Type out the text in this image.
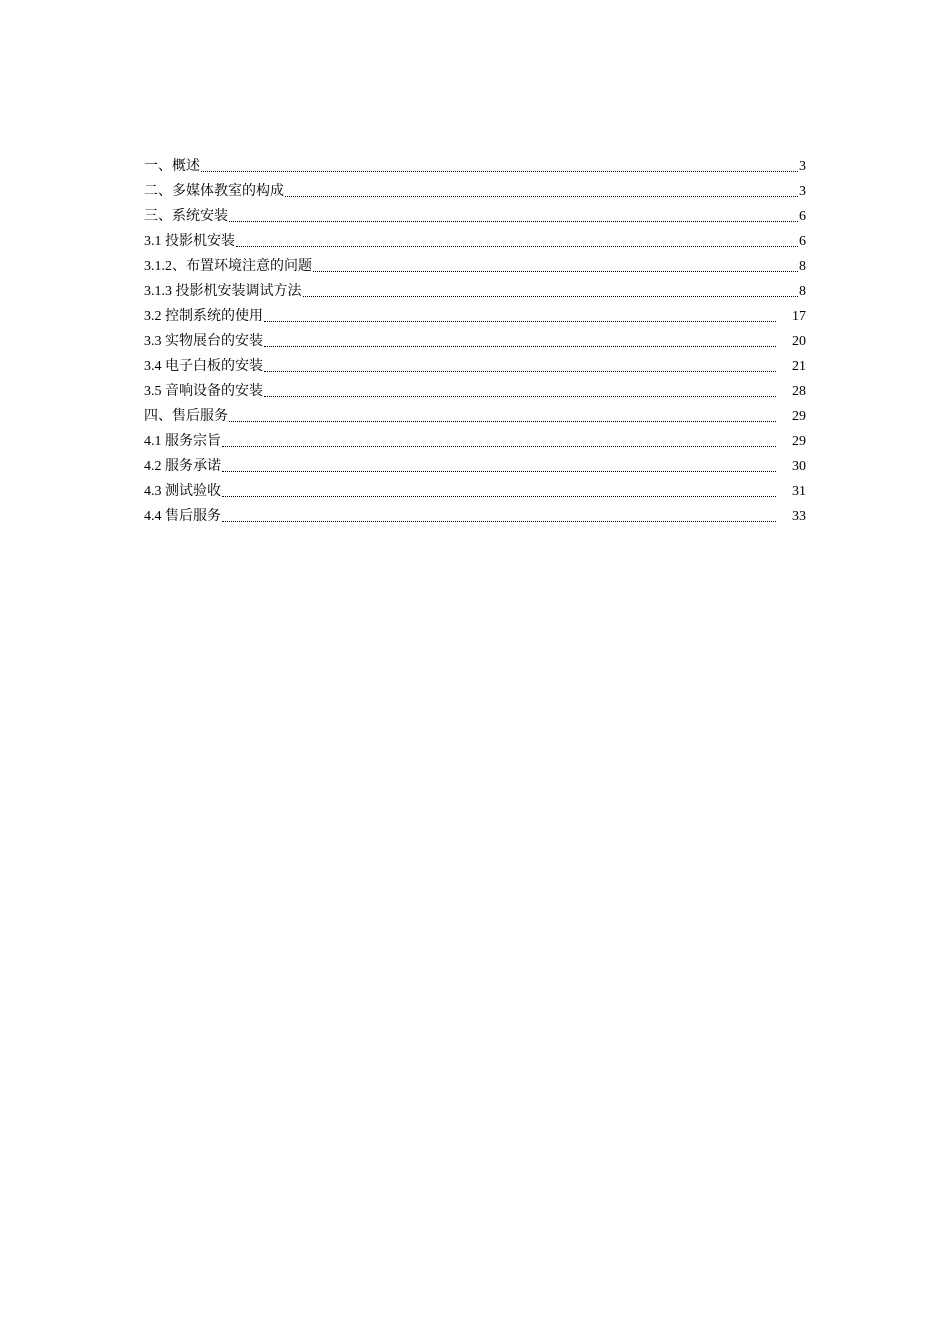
一、概述	3
二、多媒体教室的构成	3
三、系统安装	6
3.1 投影机安装	6
3.1.2、布置环境注意的问题	8
3.1.3 投影机安装调试方法	8
3.2 控制系统的使用	17
3.3 实物展台的安装	20
3.4 电子白板的安装	21
3.5 音响设备的安装	28
四、售后服务	29
4.1 服务宗旨	29
4.2 服务承诺	30
4.3 测试验收	31
4.4 售后服务	33
